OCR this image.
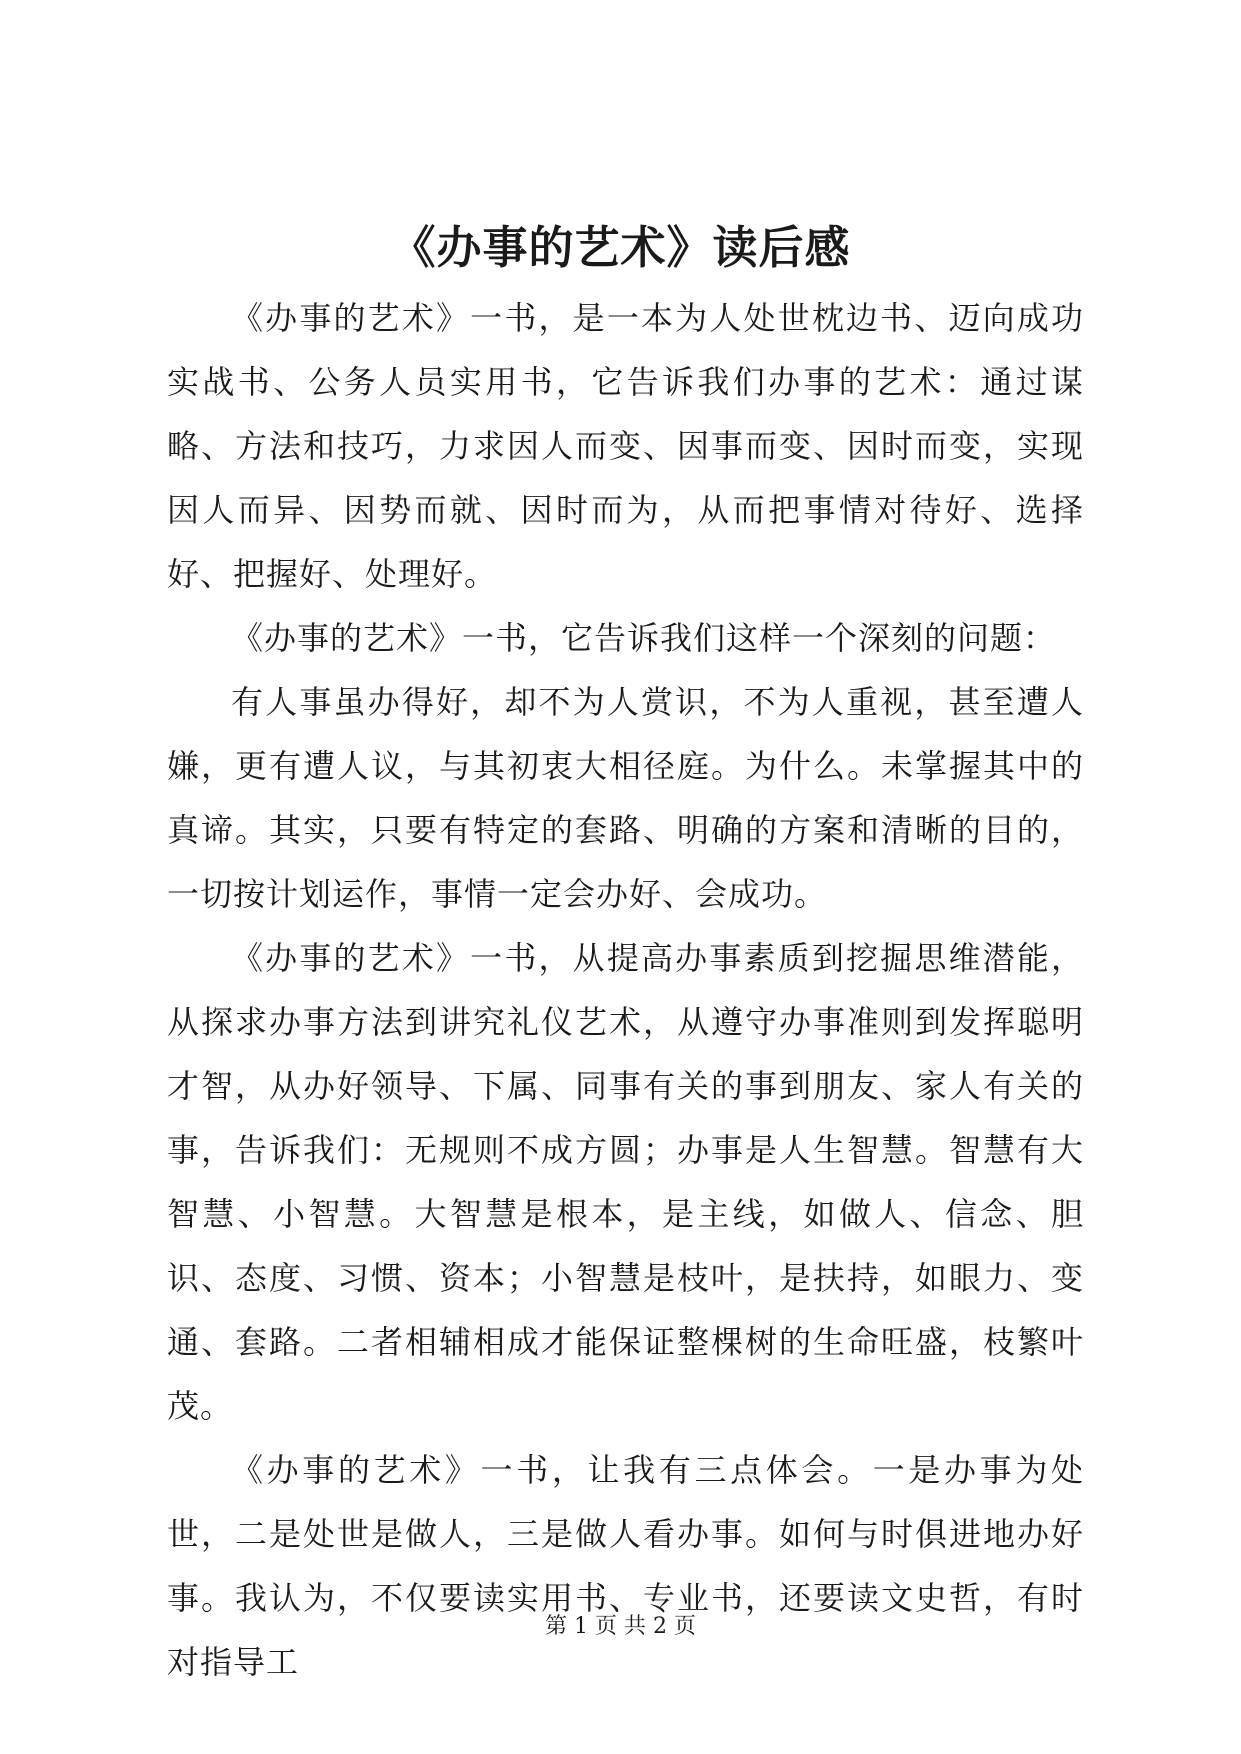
《办事的艺术》读后感

《办事的艺术》一书，是一本为人处世枕边书、迈向成功实战书、公务人员实用书，它告诉我们办事的艺术：通过谋略、方法和技巧，力求因人而变、因事而变、因时而变，实现因人而异、因势而就、因时而为，从而把事情对待好、选择好、把握好、处理好。

《办事的艺术》一书，它告诉我们这样一个深刻的问题：

有人事虽办得好，却不为人赏识，不为人重视，甚至遭人嫌，更有遭人议，与其初衷大相径庭。为什么。未掌握其中的真谛。其实，只要有特定的套路、明确的方案和清晰的目的，一切按计划运作，事情一定会办好、会成功。

《办事的艺术》一书，从提高办事素质到挖掘思维潜能，从探求办事方法到讲究礼仪艺术，从遵守办事准则到发挥聪明才智，从办好领导、下属、同事有关的事到朋友、家人有关的事，告诉我们：无规则不成方圆；办事是人生智慧。智慧有大智慧、小智慧。大智慧是根本，是主线，如做人、信念、胆识、态度、习惯、资本；小智慧是枝叶，是扶持，如眼力、变通、套路。二者相辅相成才能保证整棵树的生命旺盛，枝繁叶茂。

《办事的艺术》一书，让我有三点体会。一是办事为处世，二是处世是做人，三是做人看办事。如何与时俱进地办好事。我认为，不仅要读实用书、专业书，还要读文史哲，有时对指导工

第 1 页 共 2 页
